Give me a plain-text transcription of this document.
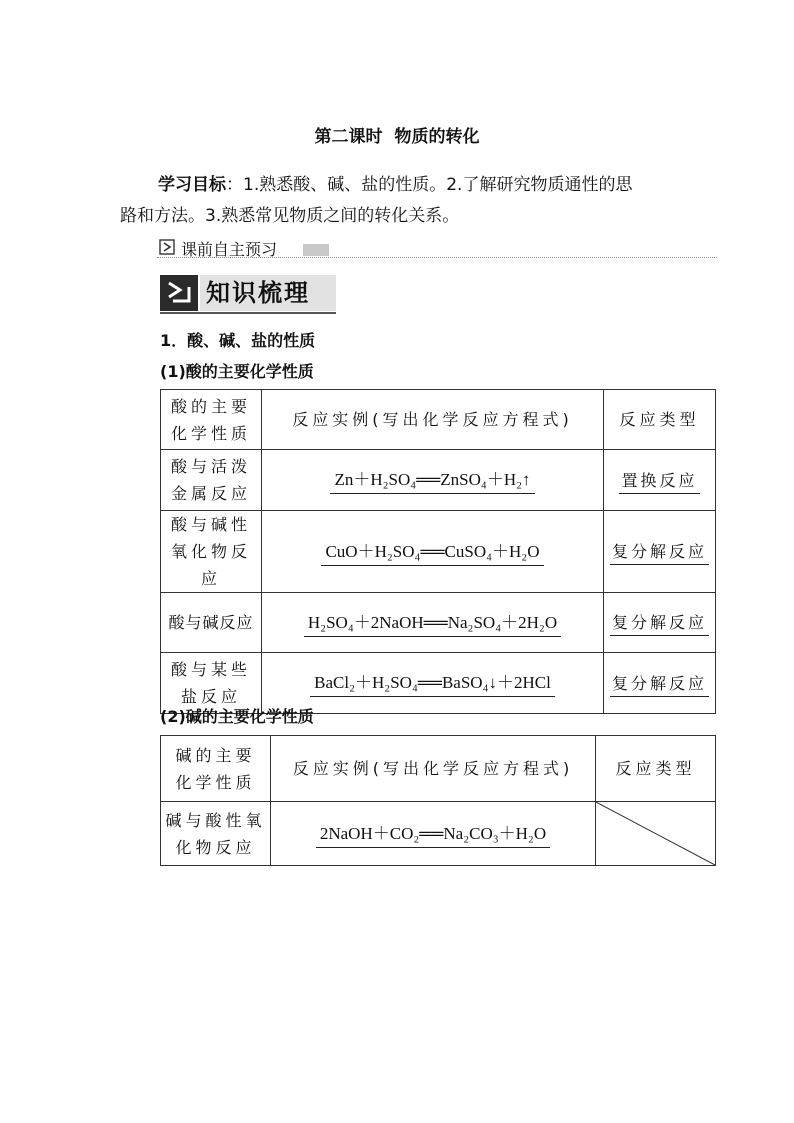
第二课时 物质的转化
学习目标：1.熟悉酸、碱、盐的性质。2.了解研究物质通性的思
路和方法。3.熟悉常见物质之间的转化关系。
课前自主预习
知识梳理
1．酸、碱、盐的性质
(1)酸的主要化学性质
酸的主要化学性质	反应实例(写出化学反应方程式)	反应类型
酸与活泼金属反应	Zn＋H₂SO₄══ZnSO₄＋H₂↑	置换反应
酸与碱性氧化物反应	CuO＋H₂SO₄══CuSO₄＋H₂O	复分解反应
酸与碱反应	H₂SO₄＋2NaOH══Na₂SO₄＋2H₂O	复分解反应
酸与某些盐反应	BaCl₂＋H₂SO₄══BaSO₄↓＋2HCl	复分解反应
(2)碱的主要化学性质
碱的主要化学性质	反应实例(写出化学反应方程式)	反应类型
碱与酸性氧化物反应	2NaOH＋CO₂══Na₂CO₃＋H₂O	
